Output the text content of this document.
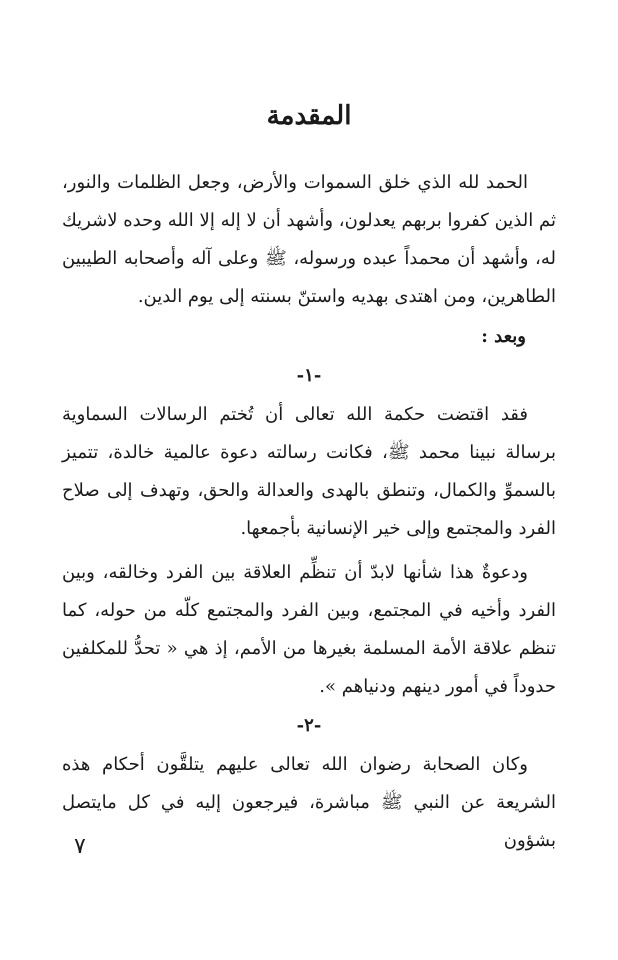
المقدمة

الحمد لله الذي خلق السموات والأرض، وجعل الظلمات والنور، ثم الذين كفروا بربهم يعدلون، وأشهد أن لا إله إلا الله وحده لاشريك له، وأشهد أن محمداً عبده ورسوله، ﷺ وعلى آله وأصحابه الطيبين الطاهرين، ومن اهتدى بهديه واستنّ بسنته إلى يوم الدين.

وبعد :

-١-

فقد اقتضت حكمة الله تعالى أن تُختم الرسالات السماوية برسالة نبينا محمد ﷺ، فكانت رسالته دعوة عالمية خالدة، تتميز بالسموِّ والكمال، وتنطق بالهدى والعدالة والحق، وتهدف إلى صلاح الفرد والمجتمع وإلى خير الإنسانية بأجمعها.

ودعوةٌ هذا شأنها لابدّ أن تنظِّم العلاقة بين الفرد وخالقه، وبين الفرد وأخيه في المجتمع، وبين الفرد والمجتمع كلّه من حوله، كما تنظم علاقة الأمة المسلمة بغيرها من الأمم، إذ هي « تحدُّ للمكلفين حدوداً في أمور دينهم ودنياهم ».

-٢-

وكان الصحابة رضوان الله تعالى عليهم يتلقَّون أحكام هذه الشريعة عن النبي ﷺ مباشرة، فيرجعون إليه في كل مايتصل بشؤون

٧
